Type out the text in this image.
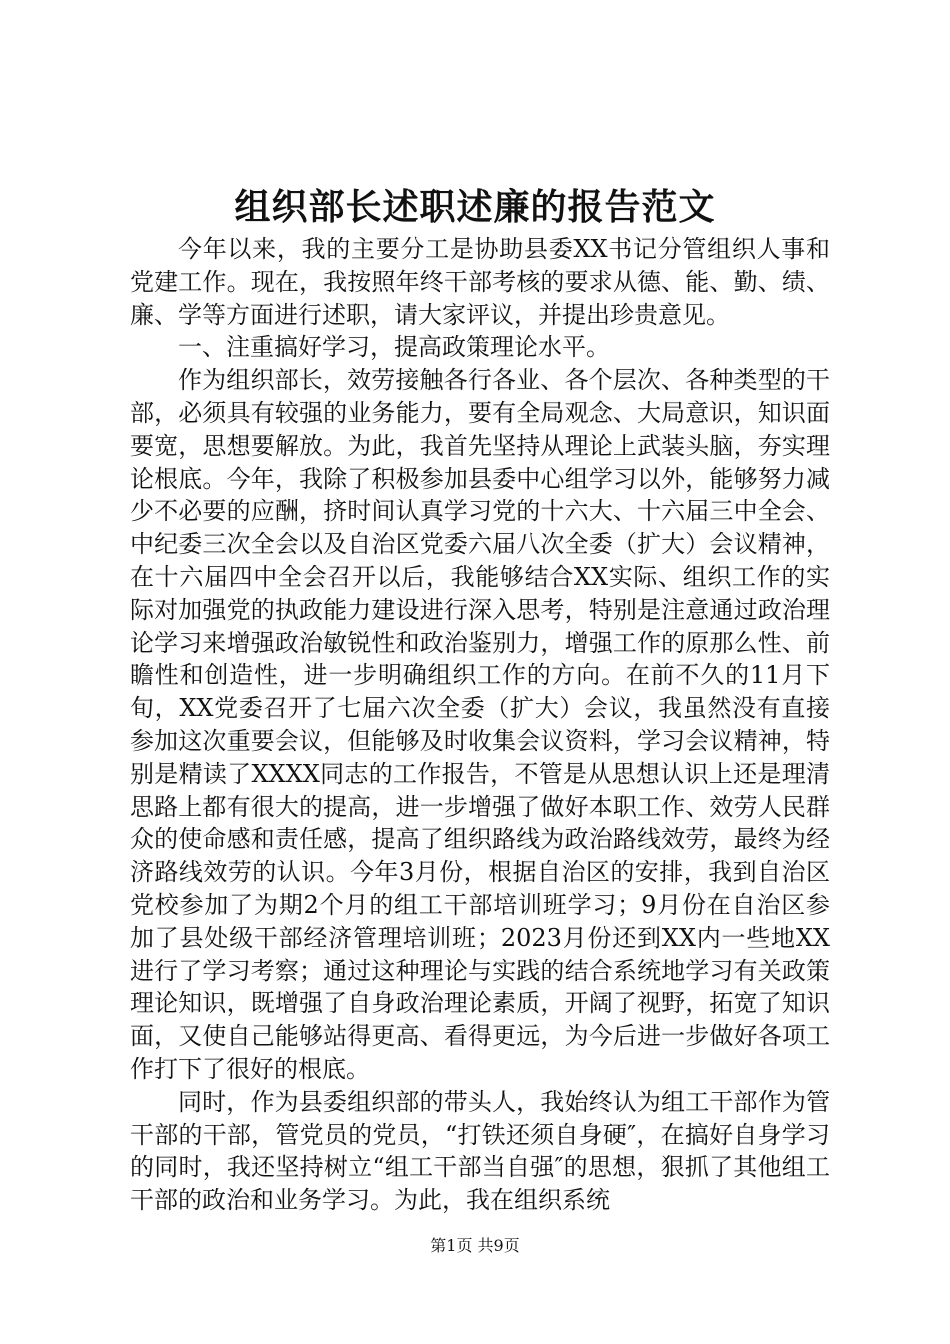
组织部长述职述廉的报告范文

今年以来，我的主要分工是协助县委XX书记分管组织人事和党建工作。现在，我按照年终干部考核的要求从德、能、勤、绩、廉、学等方面进行述职，请大家评议，并提出珍贵意见。

一、注重搞好学习，提高政策理论水平。

作为组织部长，效劳接触各行各业、各个层次、各种类型的干部，必须具有较强的业务能力，要有全局观念、大局意识，知识面要宽，思想要解放。为此，我首先坚持从理论上武装头脑，夯实理论根底。今年，我除了积极参加县委中心组学习以外，能够努力减少不必要的应酬，挤时间认真学习党的十六大、十六届三中全会、中纪委三次全会以及自治区党委六届八次全委（扩大）会议精神，在十六届四中全会召开以后，我能够结合XX实际、组织工作的实际对加强党的执政能力建设进行深入思考，特别是注意通过政治理论学习来增强政治敏锐性和政治鉴别力，增强工作的原那么性、前瞻性和创造性，进一步明确组织工作的方向。在前不久的11月下旬，XX党委召开了七届六次全委（扩大）会议，我虽然没有直接参加这次重要会议，但能够及时收集会议资料，学习会议精神，特别是精读了XXXX同志的工作报告，不管是从思想认识上还是理清思路上都有很大的提高，进一步增强了做好本职工作、效劳人民群众的使命感和责任感，提高了组织路线为政治路线效劳，最终为经济路线效劳的认识。今年3月份，根据自治区的安排，我到自治区党校参加了为期2个月的组工干部培训班学习；9月份在自治区参加了县处级干部经济管理培训班；2023月份还到XX内一些地XX进行了学习考察；通过这种理论与实践的结合系统地学习有关政策理论知识，既增强了自身政治理论素质，开阔了视野，拓宽了知识面，又使自己能够站得更高、看得更远，为今后进一步做好各项工作打下了很好的根底。

同时，作为县委组织部的带头人，我始终认为组工干部作为管干部的干部，管党员的党员，“打铁还须自身硬″，在搞好自身学习的同时，我还坚持树立“组工干部当自强″的思想，狠抓了其他组工干部的政治和业务学习。为此，我在组织系统

第1页 共9页
